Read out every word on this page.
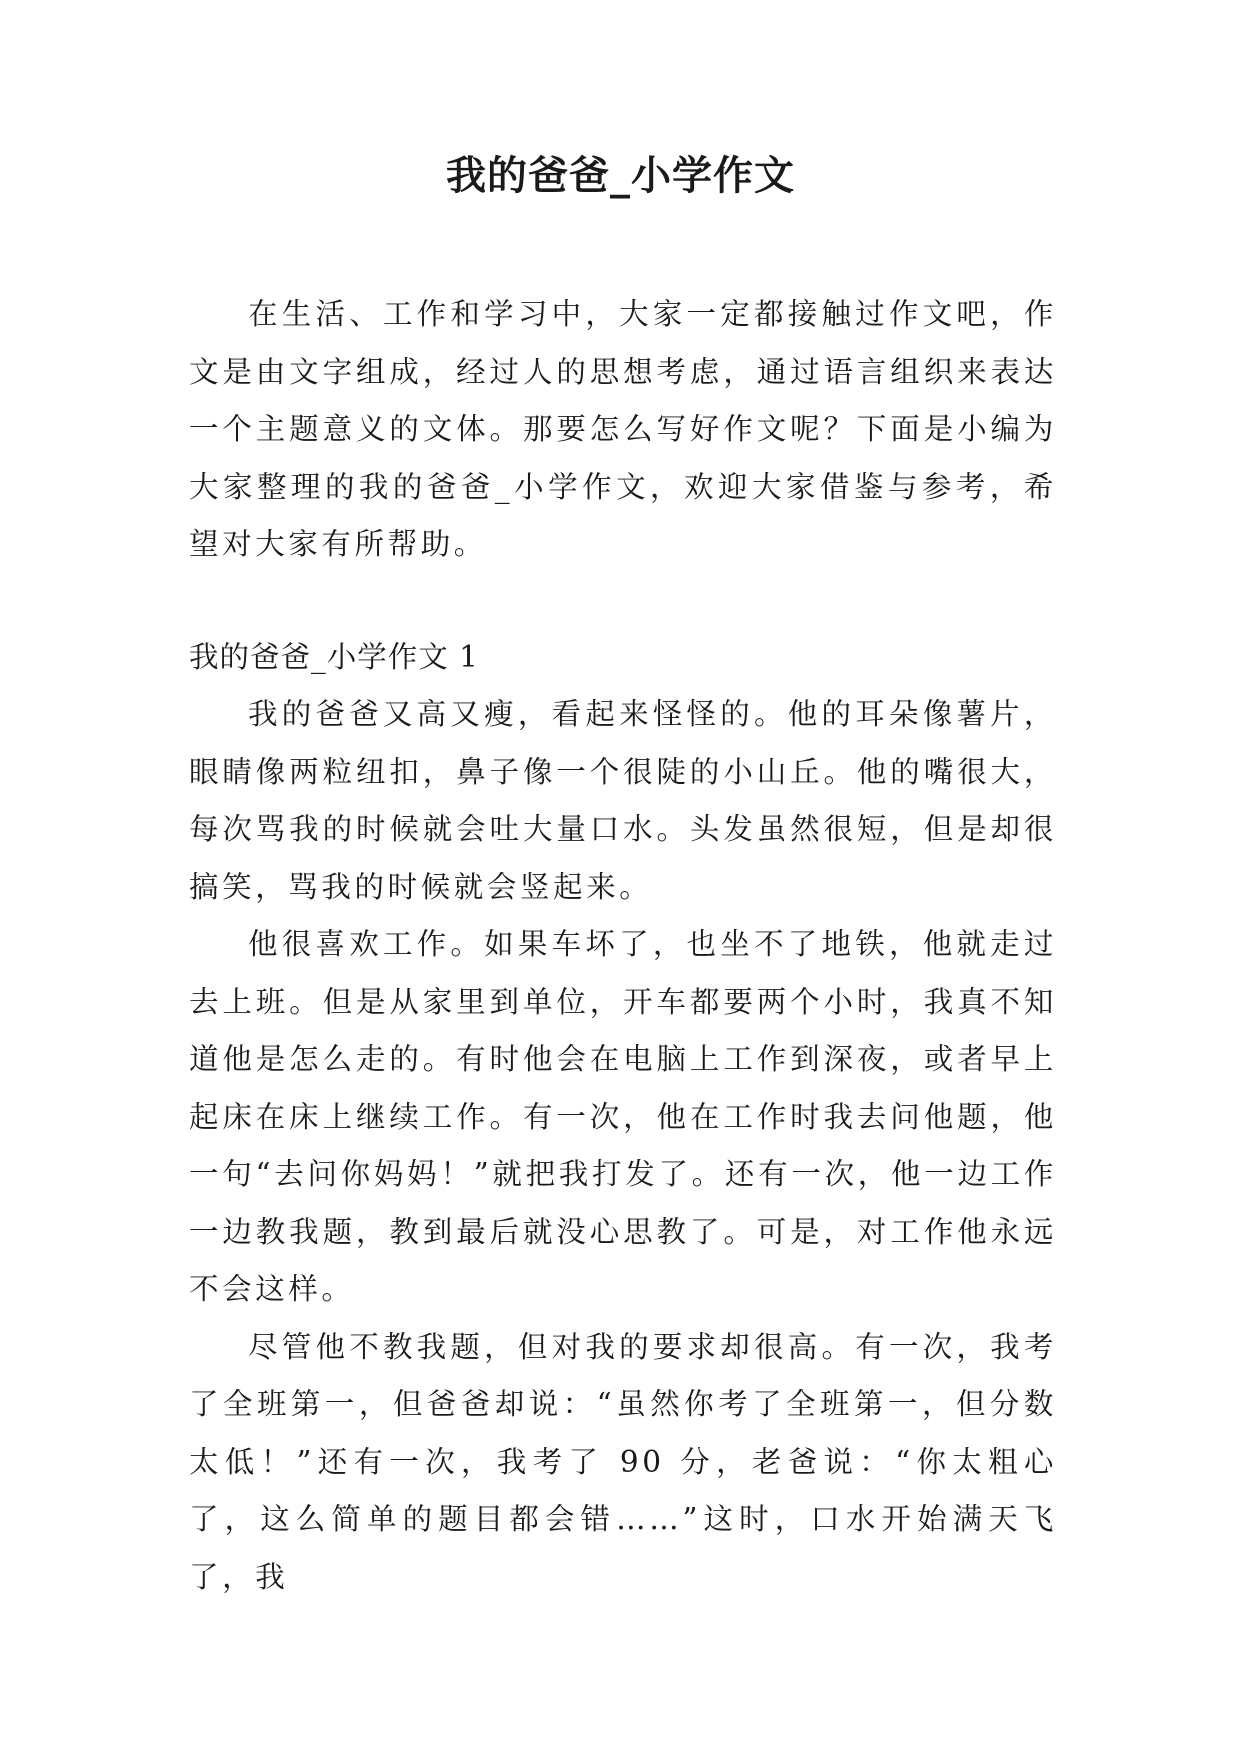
我的爸爸_小学作文

在生活、工作和学习中，大家一定都接触过作文吧，作文是由文字组成，经过人的思想考虑，通过语言组织来表达一个主题意义的文体。那要怎么写好作文呢？下面是小编为大家整理的我的爸爸_小学作文，欢迎大家借鉴与参考，希望对大家有所帮助。

我的爸爸_小学作文 1

我的爸爸又高又瘦，看起来怪怪的。他的耳朵像薯片，眼睛像两粒纽扣，鼻子像一个很陡的小山丘。他的嘴很大，每次骂我的时候就会吐大量口水。头发虽然很短，但是却很搞笑，骂我的时候就会竖起来。

他很喜欢工作。如果车坏了，也坐不了地铁，他就走过去上班。但是从家里到单位，开车都要两个小时，我真不知道他是怎么走的。有时他会在电脑上工作到深夜，或者早上起床在床上继续工作。有一次，他在工作时我去问他题，他一句“去问你妈妈！”就把我打发了。还有一次，他一边工作一边教我题，教到最后就没心思教了。可是，对工作他永远不会这样。

尽管他不教我题，但对我的要求却很高。有一次，我考了全班第一，但爸爸却说：“虽然你考了全班第一，但分数太低！”还有一次，我考了 90 分，老爸说：“你太粗心了，这么简单的题目都会错……”这时，口水开始满天飞了，我
